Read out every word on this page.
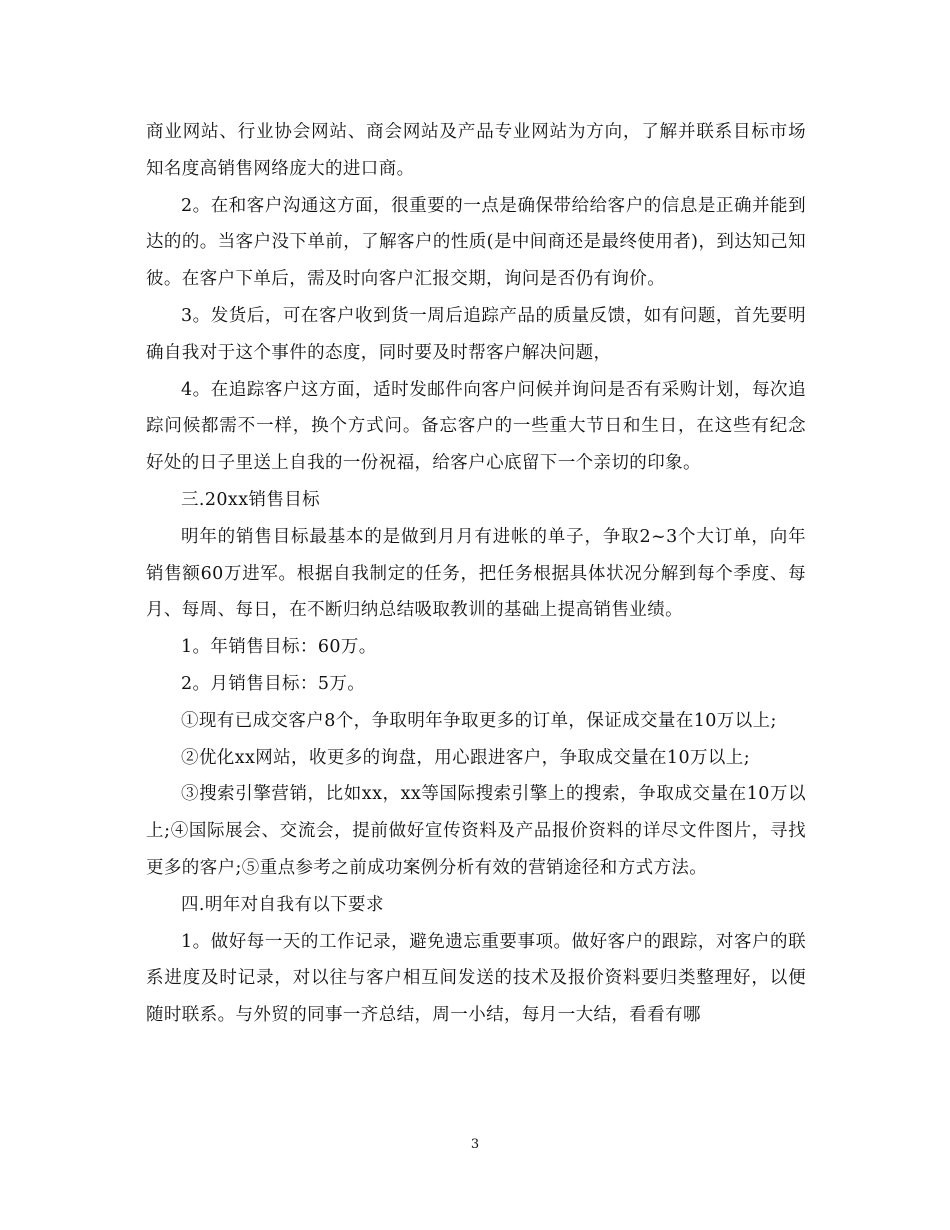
商业网站、行业协会网站、商会网站及产品专业网站为方向，了解并联系目标市场知名度高销售网络庞大的进口商。

2。在和客户沟通这方面，很重要的一点是确保带给给客户的信息是正确并能到达的的。当客户没下单前，了解客户的性质(是中间商还是最终使用者)，到达知己知彼。在客户下单后，需及时向客户汇报交期，询问是否仍有询价。

3。发货后，可在客户收到货一周后追踪产品的质量反馈，如有问题，首先要明确自我对于这个事件的态度，同时要及时帮客户解决问题，

4。在追踪客户这方面，适时发邮件向客户问候并询问是否有采购计划，每次追踪问候都需不一样，换个方式问。备忘客户的一些重大节日和生日，在这些有纪念好处的日子里送上自我的一份祝福，给客户心底留下一个亲切的印象。

三.20xx销售目标

明年的销售目标最基本的是做到月月有进帐的单子，争取2~3个大订单，向年销售额60万进军。根据自我制定的任务，把任务根据具体状况分解到每个季度、每月、每周、每日，在不断归纳总结吸取教训的基础上提高销售业绩。

1。年销售目标：60万。

2。月销售目标：5万。

①现有已成交客户8个，争取明年争取更多的订单，保证成交量在10万以上;

②优化xx网站，收更多的询盘，用心跟进客户，争取成交量在10万以上;

③搜索引擎营销，比如xx，xx等国际搜索引擎上的搜索，争取成交量在10万以上;④国际展会、交流会，提前做好宣传资料及产品报价资料的详尽文件图片，寻找更多的客户;⑤重点参考之前成功案例分析有效的营销途径和方式方法。

四.明年对自我有以下要求

1。做好每一天的工作记录，避免遗忘重要事项。做好客户的跟踪，对客户的联系进度及时记录，对以往与客户相互间发送的技术及报价资料要归类整理好，以便随时联系。与外贸的同事一齐总结，周一小结，每月一大结，看看有哪

3
